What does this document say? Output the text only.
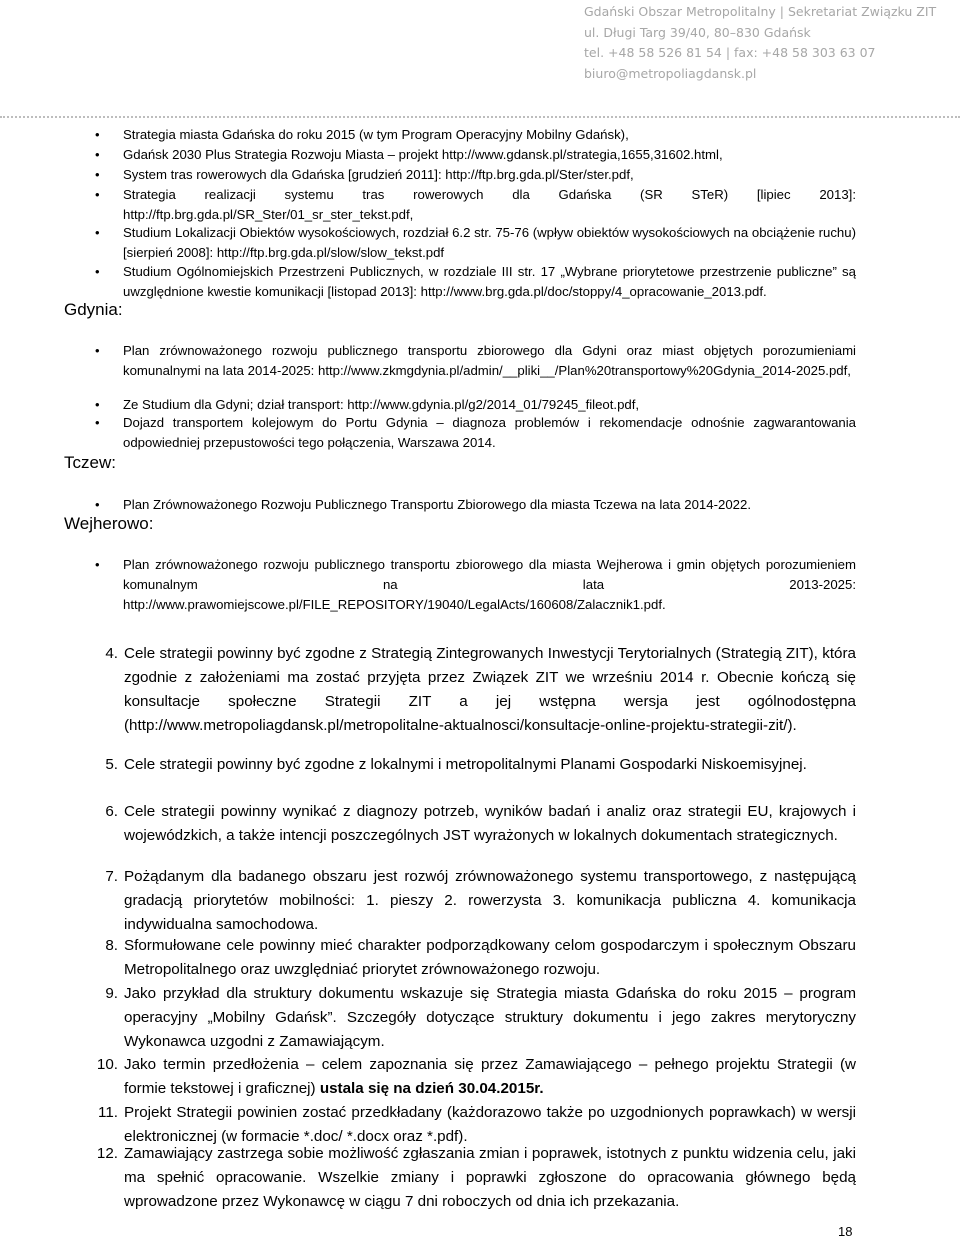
Gdański Obszar Metropolitalny | Sekretariat Związku ZIT
ul. Długi Targ 39/40, 80–830 Gdańsk
tel. +48 58 526 81 54 | fax: +48 58 303 63 07
biuro@metropoliagdansk.pl
• Strategia miasta Gdańska do roku 2015 (w tym Program Operacyjny Mobilny Gdańsk),
• Gdańsk 2030 Plus Strategia Rozwoju Miasta – projekt http://www.gdansk.pl/strategia,1655,31602.html,
• System tras rowerowych dla Gdańska [grudzień 2011]: http://ftp.brg.gda.pl/Ster/ster.pdf,
• Strategia realizacji systemu tras rowerowych dla Gdańska (SR STeR) [lipiec 2013]: http://ftp.brg.gda.pl/SR_Ster/01_sr_ster_tekst.pdf,
• Studium Lokalizacji Obiektów wysokościowych, rozdział 6.2 str. 75-76 (wpływ obiektów wysokościowych na obciążenie ruchu) [sierpień 2008]: http://ftp.brg.gda.pl/slow/slow_tekst.pdf
• Studium Ogólnomiejskich Przestrzeni Publicznych, w rozdziale III str. 17 „Wybrane priorytetowe przestrzenie publiczne” są uwzględnione kwestie komunikacji [listopad 2013]: http://www.brg.gda.pl/doc/stoppy/4_opracowanie_2013.pdf.
Gdynia:
• Plan zrównoważonego rozwoju publicznego transportu zbiorowego dla Gdyni oraz miast objętych porozumieniami komunalnymi na lata 2014-2025: http://www.zkmgdynia.pl/admin/__pliki__/Plan%20transportowy%20Gdynia_2014-2025.pdf,
• Ze Studium dla Gdyni; dział transport: http://www.gdynia.pl/g2/2014_01/79245_fileot.pdf,
• Dojazd transportem kolejowym do Portu Gdynia – diagnoza problemów i rekomendacje odnośnie zagwarantowania odpowiedniej przepustowości tego połączenia, Warszawa 2014.
Tczew:
• Plan Zrównoważonego Rozwoju Publicznego Transportu Zbiorowego dla miasta Tczewa na lata 2014-2022.
Wejherowo:
• Plan zrównoważonego rozwoju publicznego transportu zbiorowego dla miasta Wejherowa i gmin objętych porozumieniem komunalnym na lata 2013-2025: http://www.prawomiejscowe.pl/FILE_REPOSITORY/19040/LegalActs/160608/Zalacznik1.pdf.
4. Cele strategii powinny być zgodne z Strategią Zintegrowanych Inwestycji Terytorialnych (Strategią ZIT), która zgodnie z założeniami ma zostać przyjęta przez Związek ZIT we wrześniu 2014 r. Obecnie kończą się konsultacje społeczne Strategii ZIT a jej wstępna wersja jest ogólnodostępna (http://www.metropoliagdansk.pl/metropolitalne-aktualnosci/konsultacje-online-projektu-strategii-zit/).
5. Cele strategii powinny być zgodne z lokalnymi i metropolitalnymi Planami Gospodarki Niskoemisyjnej.
6. Cele strategii powinny wynikać z diagnozy potrzeb, wyników badań i analiz oraz strategii EU, krajowych i wojewódzkich, a także intencji poszczególnych JST wyrażonych w lokalnych dokumentach strategicznych.
7. Pożądanym dla badanego obszaru jest rozwój zrównoważonego systemu transportowego, z następującą gradacją priorytetów mobilności: 1. pieszy 2. rowerzysta 3. komunikacja publiczna 4. komunikacja indywidualna samochodowa.
8. Sformułowane cele powinny mieć charakter podporządkowany celom gospodarczym i społecznym Obszaru Metropolitalnego oraz uwzględniać priorytet zrównoważonego rozwoju.
9. Jako przykład dla struktury dokumentu wskazuje się Strategia miasta Gdańska do roku 2015 – program operacyjny „Mobilny Gdańsk”. Szczegóły dotyczące struktury dokumentu i jego zakres merytoryczny Wykonawca uzgodni z Zamawiającym.
10. Jako termin przedłożenia – celem zapoznania się przez Zamawiającego – pełnego projektu Strategii (w formie tekstowej i graficznej) ustala się na dzień 30.04.2015r.
11. Projekt Strategii powinien zostać przedkładany (każdorazowo także po uzgodnionych poprawkach) w wersji elektronicznej (w formacie *.doc/ *.docx oraz *.pdf).
12. Zamawiający zastrzega sobie możliwość zgłaszania zmian i poprawek, istotnych z punktu widzenia celu, jaki ma spełnić opracowanie. Wszelkie zmiany i poprawki zgłoszone do opracowania głównego będą wprowadzone przez Wykonawcę w ciągu 7 dni roboczych od dnia ich przekazania.
18
